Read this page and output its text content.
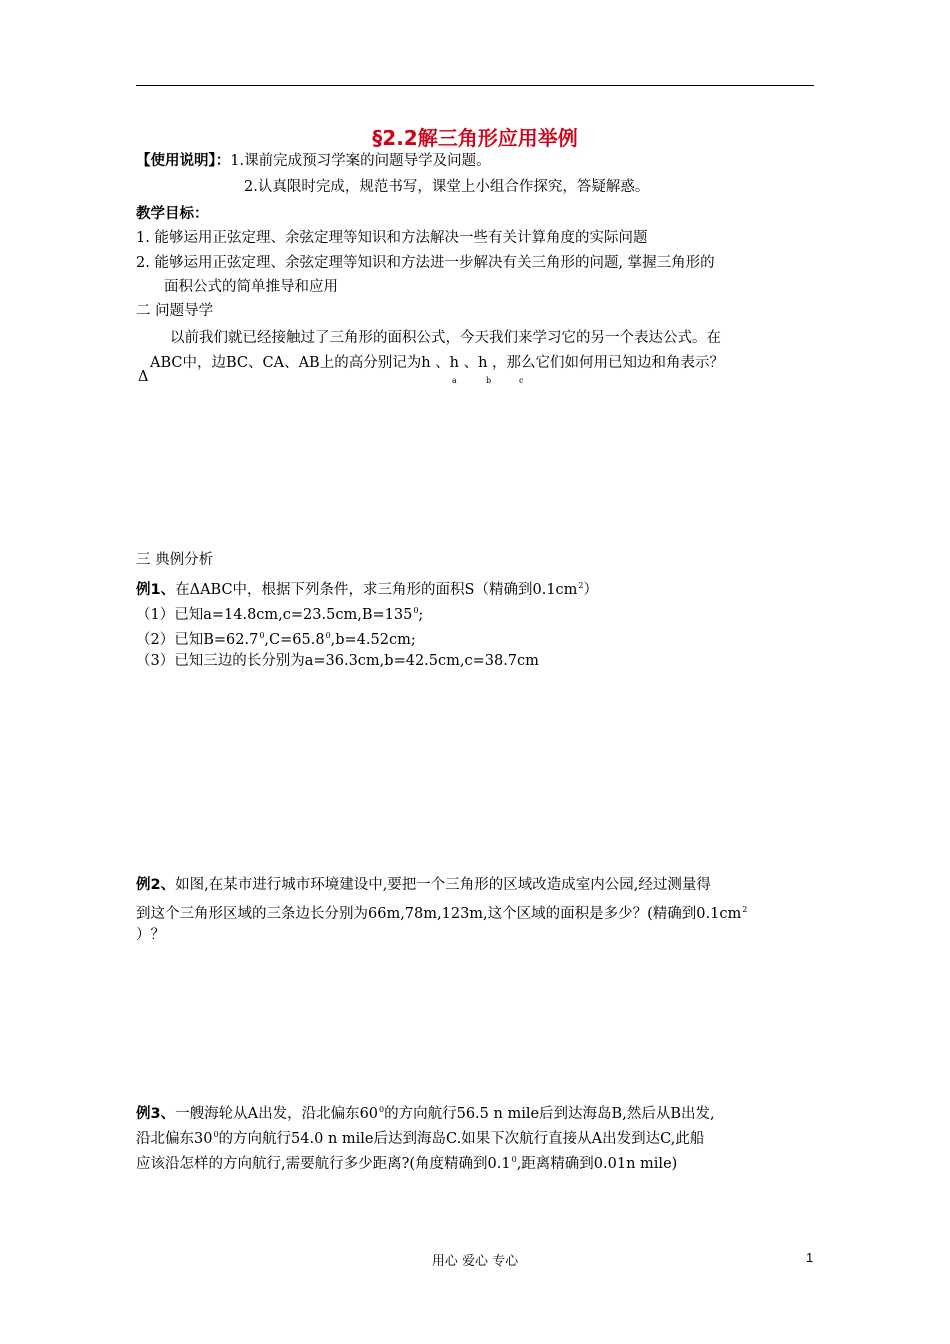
§2.2解三角形应用举例
【使用说明】：1.课前完成预习学案的问题导学及问题。
2.认真限时完成，规范书写，课堂上小组合作探究，答疑解惑。
教学目标：
1. 能够运用正弦定理、余弦定理等知识和方法解决一些有关计算角度的实际问题
2. 能够运用正弦定理、余弦定理等知识和方法进一步解决有关三角形的问题, 掌握三角形的
面积公式的简单推导和应用
二 问题导学
以前我们就已经接触过了三角形的面积公式，今天我们来学习它的另一个表达公式。在
Δ
ABC中，边BC、CA、AB上的高分别记为h 、h 、h ，那么它们如何用已知边和角表示？
a	b	c
三 典例分析
例1、在ΔABC中，根据下列条件，求三角形的面积S（精确到$0.1cm^2$）
（1）已知$a=14.8cm,c=23.5cm,B=135^0$;
（2）已知$B=62.7^0,C=65.8^0,b=4.52cm$;
（3）已知三边的长分别为a=36.3cm,b=42.5cm,c=38.7cm
例2、如图,在某市进行城市环境建设中,要把一个三角形的区域改造成室内公园,经过测量得
到这个三角形区域的三条边长分别为66m,78m,123m,这个区域的面积是多少？(精确到$0.1cm^2$
）？
例3、一艘海轮从A出发，沿北偏东$60^0$的方向航行56.5 n mile后到达海岛B,然后从B出发,
沿北偏东$30^0$的方向航行54.0 n mile后达到海岛C.如果下次航行直接从A出发到达C,此船
应该沿怎样的方向航行,需要航行多少距离?(角度精确到$0.1^0$,距离精确到0.01n mile)
用心 爱心 专心	1
